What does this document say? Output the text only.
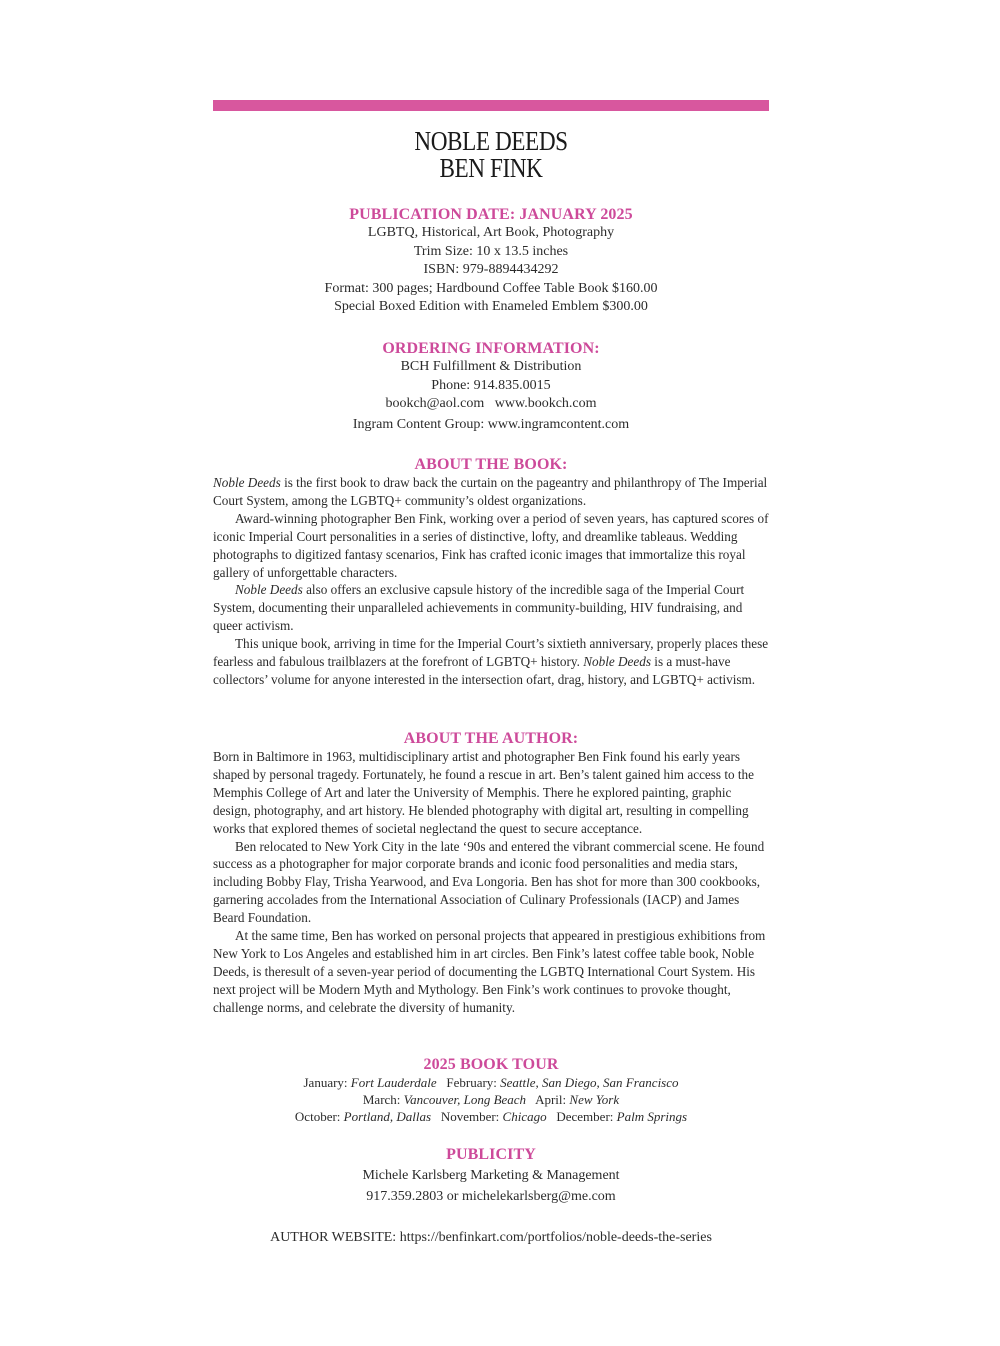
NOBLE DEEDS
BEN FINK
PUBLICATION DATE: JANUARY 2025
LGBTQ, Historical, Art Book, Photography
Trim Size: 10 x 13.5 inches
ISBN: 979-8894434292
Format: 300 pages; Hardbound Coffee Table Book $160.00
Special Boxed Edition with Enameled Emblem $300.00
ORDERING INFORMATION:
BCH Fulfillment & Distribution
Phone: 914.835.0015
bookch@aol.com www.bookch.com
Ingram Content Group: www.ingramcontent.com
ABOUT THE BOOK:

Noble Deeds is the first book to draw back the curtain on the pageantry and philanthropy of The Imperial Court System, among the LGBTQ+ community’s oldest organizations.

Award-winning photographer Ben Fink, working over a period of seven years, has captured scores of iconic Imperial Court personalities in a series of distinctive, lofty, and dreamlike tableaus. Wedding photographs to digitized fantasy scenarios, Fink has crafted iconic images that immortalize this royal gallery of unforgettable characters.

Noble Deeds also offers an exclusive capsule history of the incredible saga of the Imperial Court System, documenting their unparalleled achievements in community-building, HIV fundraising, and queer activism.

This unique book, arriving in time for the Imperial Court’s sixtieth anniversary, properly places these fearless and fabulous trailblazers at the forefront of LGBTQ+ history. Noble Deeds is a must-have collectors’ volume for anyone interested in the intersection ofart, drag, history, and LGBTQ+ activism.

ABOUT THE AUTHOR:

Born in Baltimore in 1963, multidisciplinary artist and photographer Ben Fink found his early years shaped by personal tragedy. Fortunately, he found a rescue in art. Ben’s talent gained him access to the Memphis College of Art and later the University of Memphis. There he explored painting, graphic design, photography, and art history. He blended photography with digital art, resulting in compelling works that explored themes of societal neglectand the quest to secure acceptance.

Ben relocated to New York City in the late ‘90s and entered the vibrant commercial scene. He found success as a photographer for major corporate brands and iconic food personalities and media stars, including Bobby Flay, Trisha Yearwood, and Eva Longoria. Ben has shot for more than 300 cookbooks, garnering accolades from the International Association of Culinary Professionals (IACP) and James Beard Foundation.

At the same time, Ben has worked on personal projects that appeared in prestigious exhibitions from New York to Los Angeles and established him in art circles. Ben Fink’s latest coffee table book, Noble Deeds, is theresult of a seven-year period of documenting the LGBTQ International Court System. His next project will be Modern Myth and Mythology. Ben Fink’s work continues to provoke thought, challenge norms, and celebrate the diversity of humanity.

2025 BOOK TOUR
January: Fort Lauderdale February: Seattle, San Diego, San Francisco
March: Vancouver, Long Beach April: New York
October: Portland, Dallas November: Chicago December: Palm Springs
PUBLICITY
Michele Karlsberg Marketing & Management
917.359.2803 or michelekarlsberg@me.com
AUTHOR WEBSITE: https://benfinkart.com/portfolios/noble-deeds-the-series
